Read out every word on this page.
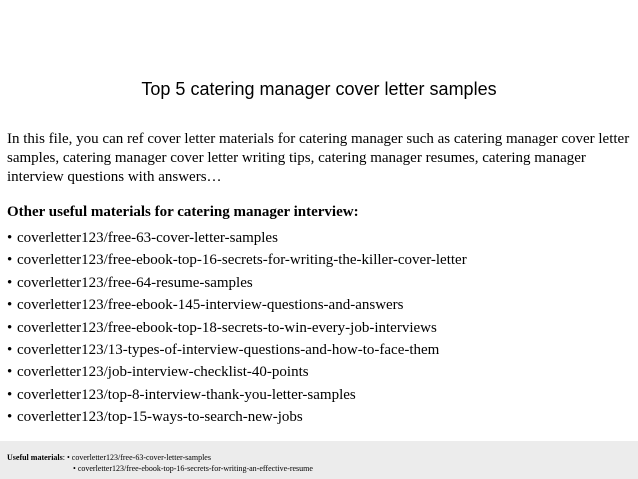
Top 5 catering manager cover letter samples

In this file, you can ref cover letter materials for catering manager such as catering manager cover letter samples, catering manager cover letter writing tips, catering manager resumes, catering manager interview questions with answers…

Other useful materials for catering manager interview:
• coverletter123/free-63-cover-letter-samples
• coverletter123/free-ebook-top-16-secrets-for-writing-the-killer-cover-letter
• coverletter123/free-64-resume-samples
• coverletter123/free-ebook-145-interview-questions-and-answers
• coverletter123/free-ebook-top-18-secrets-to-win-every-job-interviews
• coverletter123/13-types-of-interview-questions-and-how-to-face-them
• coverletter123/job-interview-checklist-40-points
• coverletter123/top-8-interview-thank-you-letter-samples
• coverletter123/top-15-ways-to-search-new-jobs
Useful materials: • coverletter123/free-63-cover-letter-samples
• coverletter123/free-ebook-top-16-secrets-for-writing-an-effective-resume
